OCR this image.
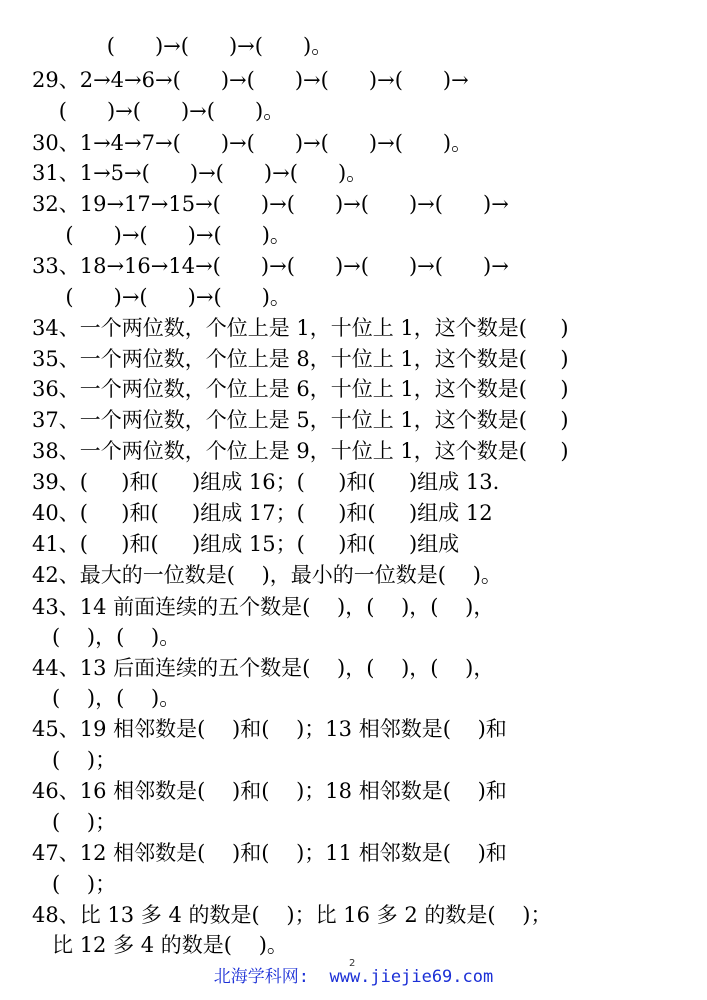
(      )→(      )→(      )。
29、2→4→6→(      )→(      )→(      )→(      )→
(      )→(      )→(      )。
30、1→4→7→(      )→(      )→(      )→(      )。
31、1→5→(      )→(      )→(      )。
32、19→17→15→(      )→(      )→(      )→(      )→
(      )→(      )→(      )。
33、18→16→14→(      )→(      )→(      )→(      )→
(      )→(      )→(      )。
34、一个两位数，个位上是 1，十位上 1，这个数是(     )
35、一个两位数，个位上是 8，十位上 1，这个数是(     )
36、一个两位数，个位上是 6，十位上 1，这个数是(     )
37、一个两位数，个位上是 5，十位上 1，这个数是(     )
38、一个两位数，个位上是 9，十位上 1，这个数是(     )
39、(     )和(     )组成 16；(     )和(     )组成 13.
40、(     )和(     )组成 17；(     )和(     )组成 12
41、(     )和(     )组成 15；(     )和(     )组成
42、最大的一位数是(    )，最小的一位数是(    )。
43、14 前面连续的五个数是(    )，(    )，(    )，
(    )，(    )。
44、13 后面连续的五个数是(    )，(    )，(    )，
(    )，(    )。
45、19 相邻数是(    )和(    )；13 相邻数是(    )和
(    )；
46、16 相邻数是(    )和(    )；18 相邻数是(    )和
(    )；
47、12 相邻数是(    )和(    )；11 相邻数是(    )和
(    )；
48、比 13 多 4 的数是(    )；比 16 多 2 的数是(    )；
比 12 多 4 的数是(    )。
2
北海学科网:  www.jiejie69.com
